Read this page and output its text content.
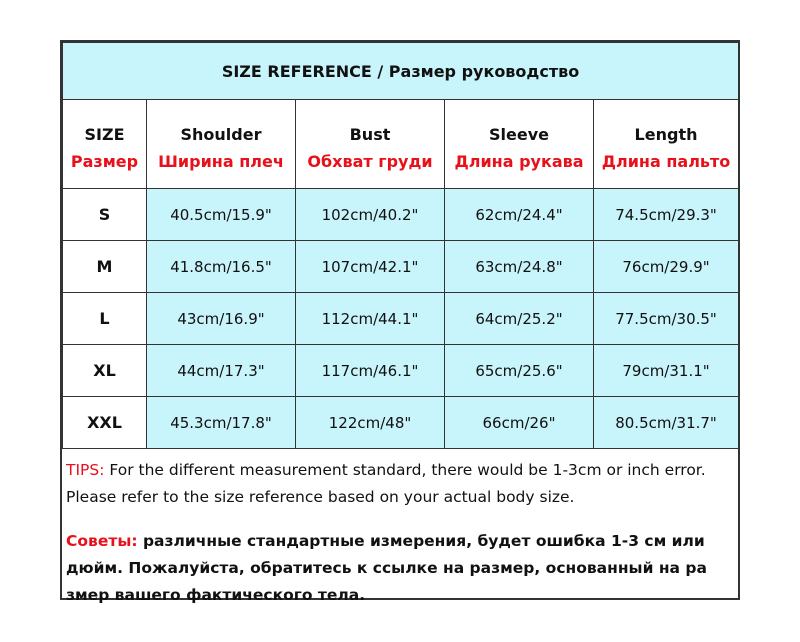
SIZE REFERENCE / Размер руководство				
SIZE	Shoulder	Bust	Sleeve	Length
Размер	Ширина плеч	Обхват груди	Длина рукава	Длина пальто
S	40.5cm/15.9"	102cm/40.2"	62cm/24.4"	74.5cm/29.3"
M	41.8cm/16.5"	107cm/42.1"	63cm/24.8"	76cm/29.9"
L	43cm/16.9"	112cm/44.1"	64cm/25.2"	77.5cm/30.5"
XL	44cm/17.3"	117cm/46.1"	65cm/25.6"	79cm/31.1"
XXL	45.3cm/17.8"	122cm/48"	66cm/26"	80.5cm/31.7"

TIPS: For the different measurement standard, there would be 1-3cm or inch error. Please refer to the size reference based on your actual body size.

Советы: различные стандартные измерения, будет ошибка 1-3 см или дюйм. Пожалуйста, обратитесь к ссылке на размер, основанный на ра змер вашего фактического тела.
